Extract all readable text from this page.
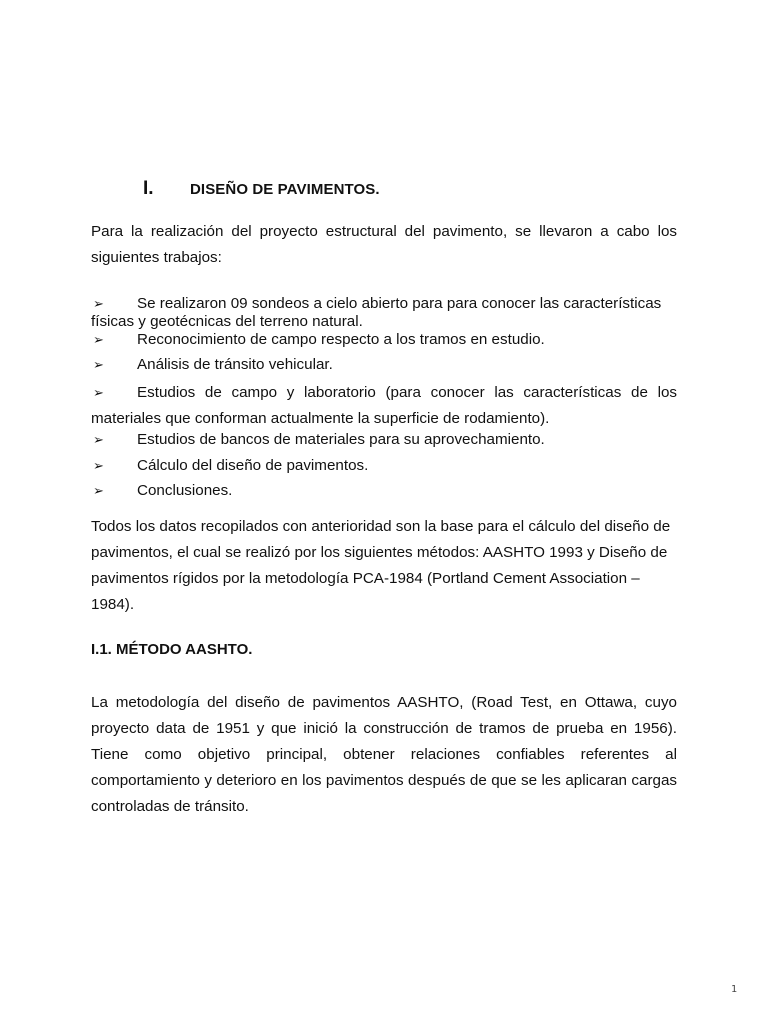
I.	DISEÑO DE PAVIMENTOS.

Para la realización del proyecto estructural del pavimento, se llevaron a cabo los siguientes trabajos:

➢	Se realizaron 09 sondeos a cielo abierto para para conocer las características físicas y geotécnicas del terreno natural.
➢	Reconocimiento de campo respecto a los tramos en estudio.
➢	Análisis de tránsito vehicular.
➢	Estudios de campo y laboratorio (para conocer las características de los materiales que conforman actualmente la superficie de rodamiento).
➢	Estudios de bancos de materiales para su aprovechamiento.
➢	Cálculo del diseño de pavimentos.
➢	Conclusiones.

Todos los datos recopilados con anterioridad son la base para el cálculo del diseño de pavimentos, el cual se realizó por los siguientes métodos: AASHTO 1993 y Diseño de pavimentos rígidos por la metodología PCA-1984 (Portland Cement Association – 1984).

I.1. MÉTODO AASHTO.

La metodología del diseño de pavimentos AASHTO, (Road Test, en Ottawa, cuyo proyecto data de 1951 y que inició la construcción de tramos de prueba en 1956). Tiene como objetivo principal, obtener relaciones confiables referentes al comportamiento y deterioro en los pavimentos después de que se les aplicaran cargas controladas de tránsito.

1
